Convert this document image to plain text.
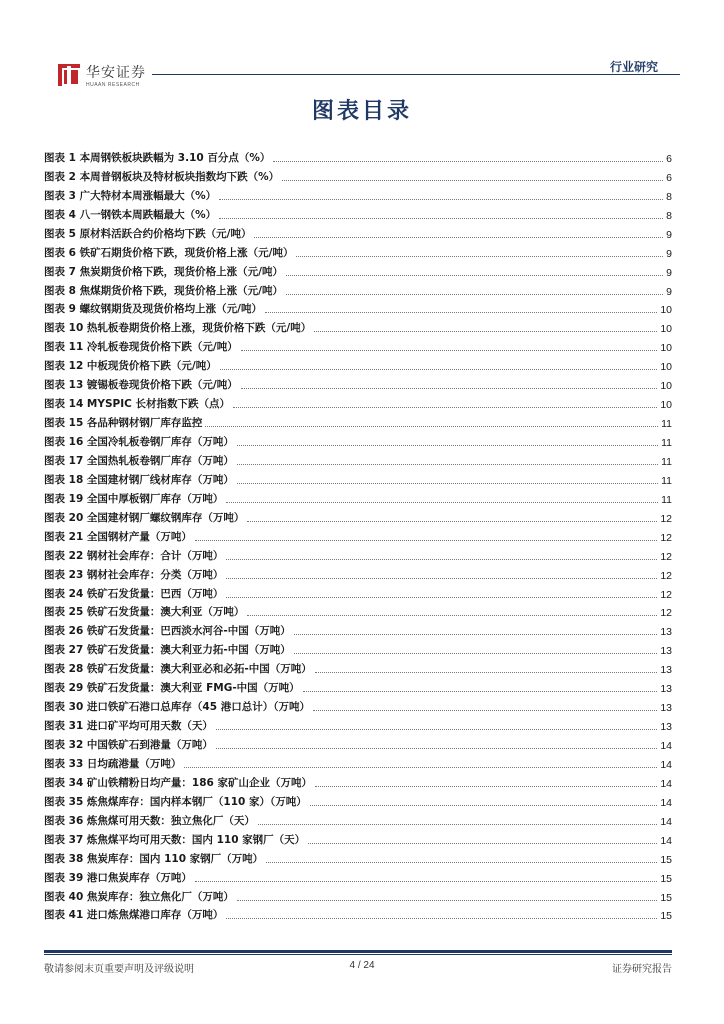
华安证券
HUAAN RESEARCH
行业研究
图表目录
图表 1 本周钢铁板块跌幅为 3.10 百分点（%）	6
图表 2 本周普钢板块及特材板块指数均下跌（%）	6
图表 3 广大特材本周涨幅最大（%）	8
图表 4 八一钢铁本周跌幅最大（%）	8
图表 5 原材料活跃合约价格均下跌（元/吨）	9
图表 6 铁矿石期货价格下跌，现货价格上涨（元/吨）	9
图表 7 焦炭期货价格下跌，现货价格上涨（元/吨）	9
图表 8 焦煤期货价格下跌，现货价格上涨（元/吨）	9
图表 9 螺纹钢期货及现货价格均上涨（元/吨）	10
图表 10 热轧板卷期货价格上涨，现货价格下跌（元/吨）	10
图表 11 冷轧板卷现货价格下跌（元/吨）	10
图表 12 中板现货价格下跌（元/吨）	10
图表 13 镀锡板卷现货价格下跌（元/吨）	10
图表 14 MYSPIC 长材指数下跌（点）	10
图表 15 各品种钢材钢厂库存监控	11
图表 16 全国冷轧板卷钢厂库存（万吨）	11
图表 17 全国热轧板卷钢厂库存（万吨）	11
图表 18 全国建材钢厂线材库存（万吨）	11
图表 19 全国中厚板钢厂库存（万吨）	11
图表 20 全国建材钢厂螺纹钢库存（万吨）	12
图表 21 全国钢材产量（万吨）	12
图表 22 钢材社会库存：合计（万吨）	12
图表 23 钢材社会库存：分类（万吨）	12
图表 24 铁矿石发货量：巴西（万吨）	12
图表 25 铁矿石发货量：澳大利亚（万吨）	12
图表 26 铁矿石发货量：巴西淡水河谷-中国（万吨）	13
图表 27 铁矿石发货量：澳大利亚力拓-中国（万吨）	13
图表 28 铁矿石发货量：澳大利亚必和必拓-中国（万吨）	13
图表 29 铁矿石发货量：澳大利亚 FMG-中国（万吨）	13
图表 30 进口铁矿石港口总库存（45 港口总计）（万吨）	13
图表 31 进口矿平均可用天数（天）	13
图表 32 中国铁矿石到港量（万吨）	14
图表 33 日均疏港量（万吨）	14
图表 34 矿山铁精粉日均产量：186 家矿山企业（万吨）	14
图表 35 炼焦煤库存：国内样本钢厂（110 家）（万吨）	14
图表 36 炼焦煤可用天数：独立焦化厂（天）	14
图表 37 炼焦煤平均可用天数：国内 110 家钢厂（天）	14
图表 38 焦炭库存：国内 110 家钢厂（万吨）	15
图表 39 港口焦炭库存（万吨）	15
图表 40 焦炭库存：独立焦化厂（万吨）	15
图表 41 进口炼焦煤港口库存（万吨）	15
敬请参阅末页重要声明及评级说明	4 / 24	证券研究报告
